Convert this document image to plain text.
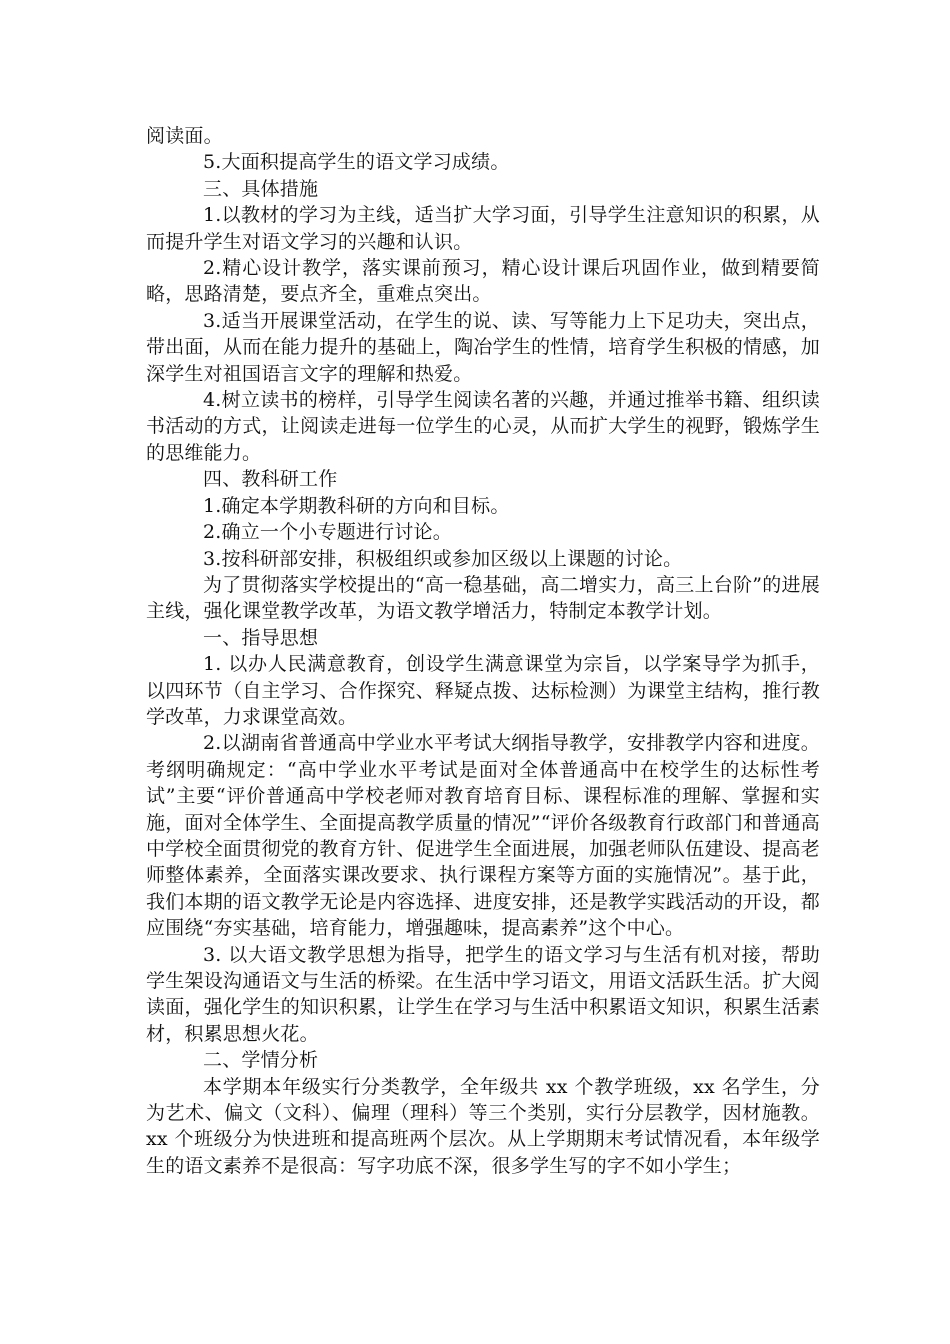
阅读面。

5.大面积提高学生的语文学习成绩。

三、具体措施

1.以教材的学习为主线，适当扩大学习面，引导学生注意知识的积累，从而提升学生对语文学习的兴趣和认识。

2.精心设计教学，落实课前预习，精心设计课后巩固作业，做到精要简略，思路清楚，要点齐全，重难点突出。

3.适当开展课堂活动，在学生的说、读、写等能力上下足功夫，突出点，带出面，从而在能力提升的基础上，陶冶学生的性情，培育学生积极的情感，加深学生对祖国语言文字的理解和热爱。

4.树立读书的榜样，引导学生阅读名著的兴趣，并通过推举书籍、组织读书活动的方式，让阅读走进每一位学生的心灵，从而扩大学生的视野，锻炼学生的思维能力。

四、教科研工作

1.确定本学期教科研的方向和目标。

2.确立一个小专题进行讨论。

3.按科研部安排，积极组织或参加区级以上课题的讨论。

为了贯彻落实学校提出的“高一稳基础，高二增实力，高三上台阶”的进展主线，强化课堂教学改革，为语文教学增活力，特制定本教学计划。

一、指导思想

1. 以办人民满意教育，创设学生满意课堂为宗旨，以学案导学为抓手，以四环节（自主学习、合作探究、释疑点拨、达标检测）为课堂主结构，推行教学改革，力求课堂高效。

2.以湖南省普通高中学业水平考试大纲指导教学，安排教学内容和进度。考纲明确规定：“高中学业水平考试是面对全体普通高中在校学生的达标性考试”主要“评价普通高中学校老师对教育培育目标、课程标准的理解、掌握和实施，面对全体学生、全面提高教学质量的情况”“评价各级教育行政部门和普通高中学校全面贯彻党的教育方针、促进学生全面进展，加强老师队伍建设、提高老师整体素养，全面落实课改要求、执行课程方案等方面的实施情况”。基于此，我们本期的语文教学无论是内容选择、进度安排，还是教学实践活动的开设，都应围绕“夯实基础，培育能力，增强趣味，提高素养”这个中心。

3. 以大语文教学思想为指导，把学生的语文学习与生活有机对接，帮助学生架设沟通语文与生活的桥梁。在生活中学习语文，用语文活跃生活。扩大阅读面，强化学生的知识积累，让学生在学习与生活中积累语文知识，积累生活素材，积累思想火花。

二、学情分析

本学期本年级实行分类教学，全年级共 xx 个教学班级，xx 名学生，分为艺术、偏文（文科）、偏理（理科）等三个类别，实行分层教学，因材施教。xx 个班级分为快进班和提高班两个层次。从上学期期末考试情况看，本年级学生的语文素养不是很高：写字功底不深，很多学生写的字不如小学生；
